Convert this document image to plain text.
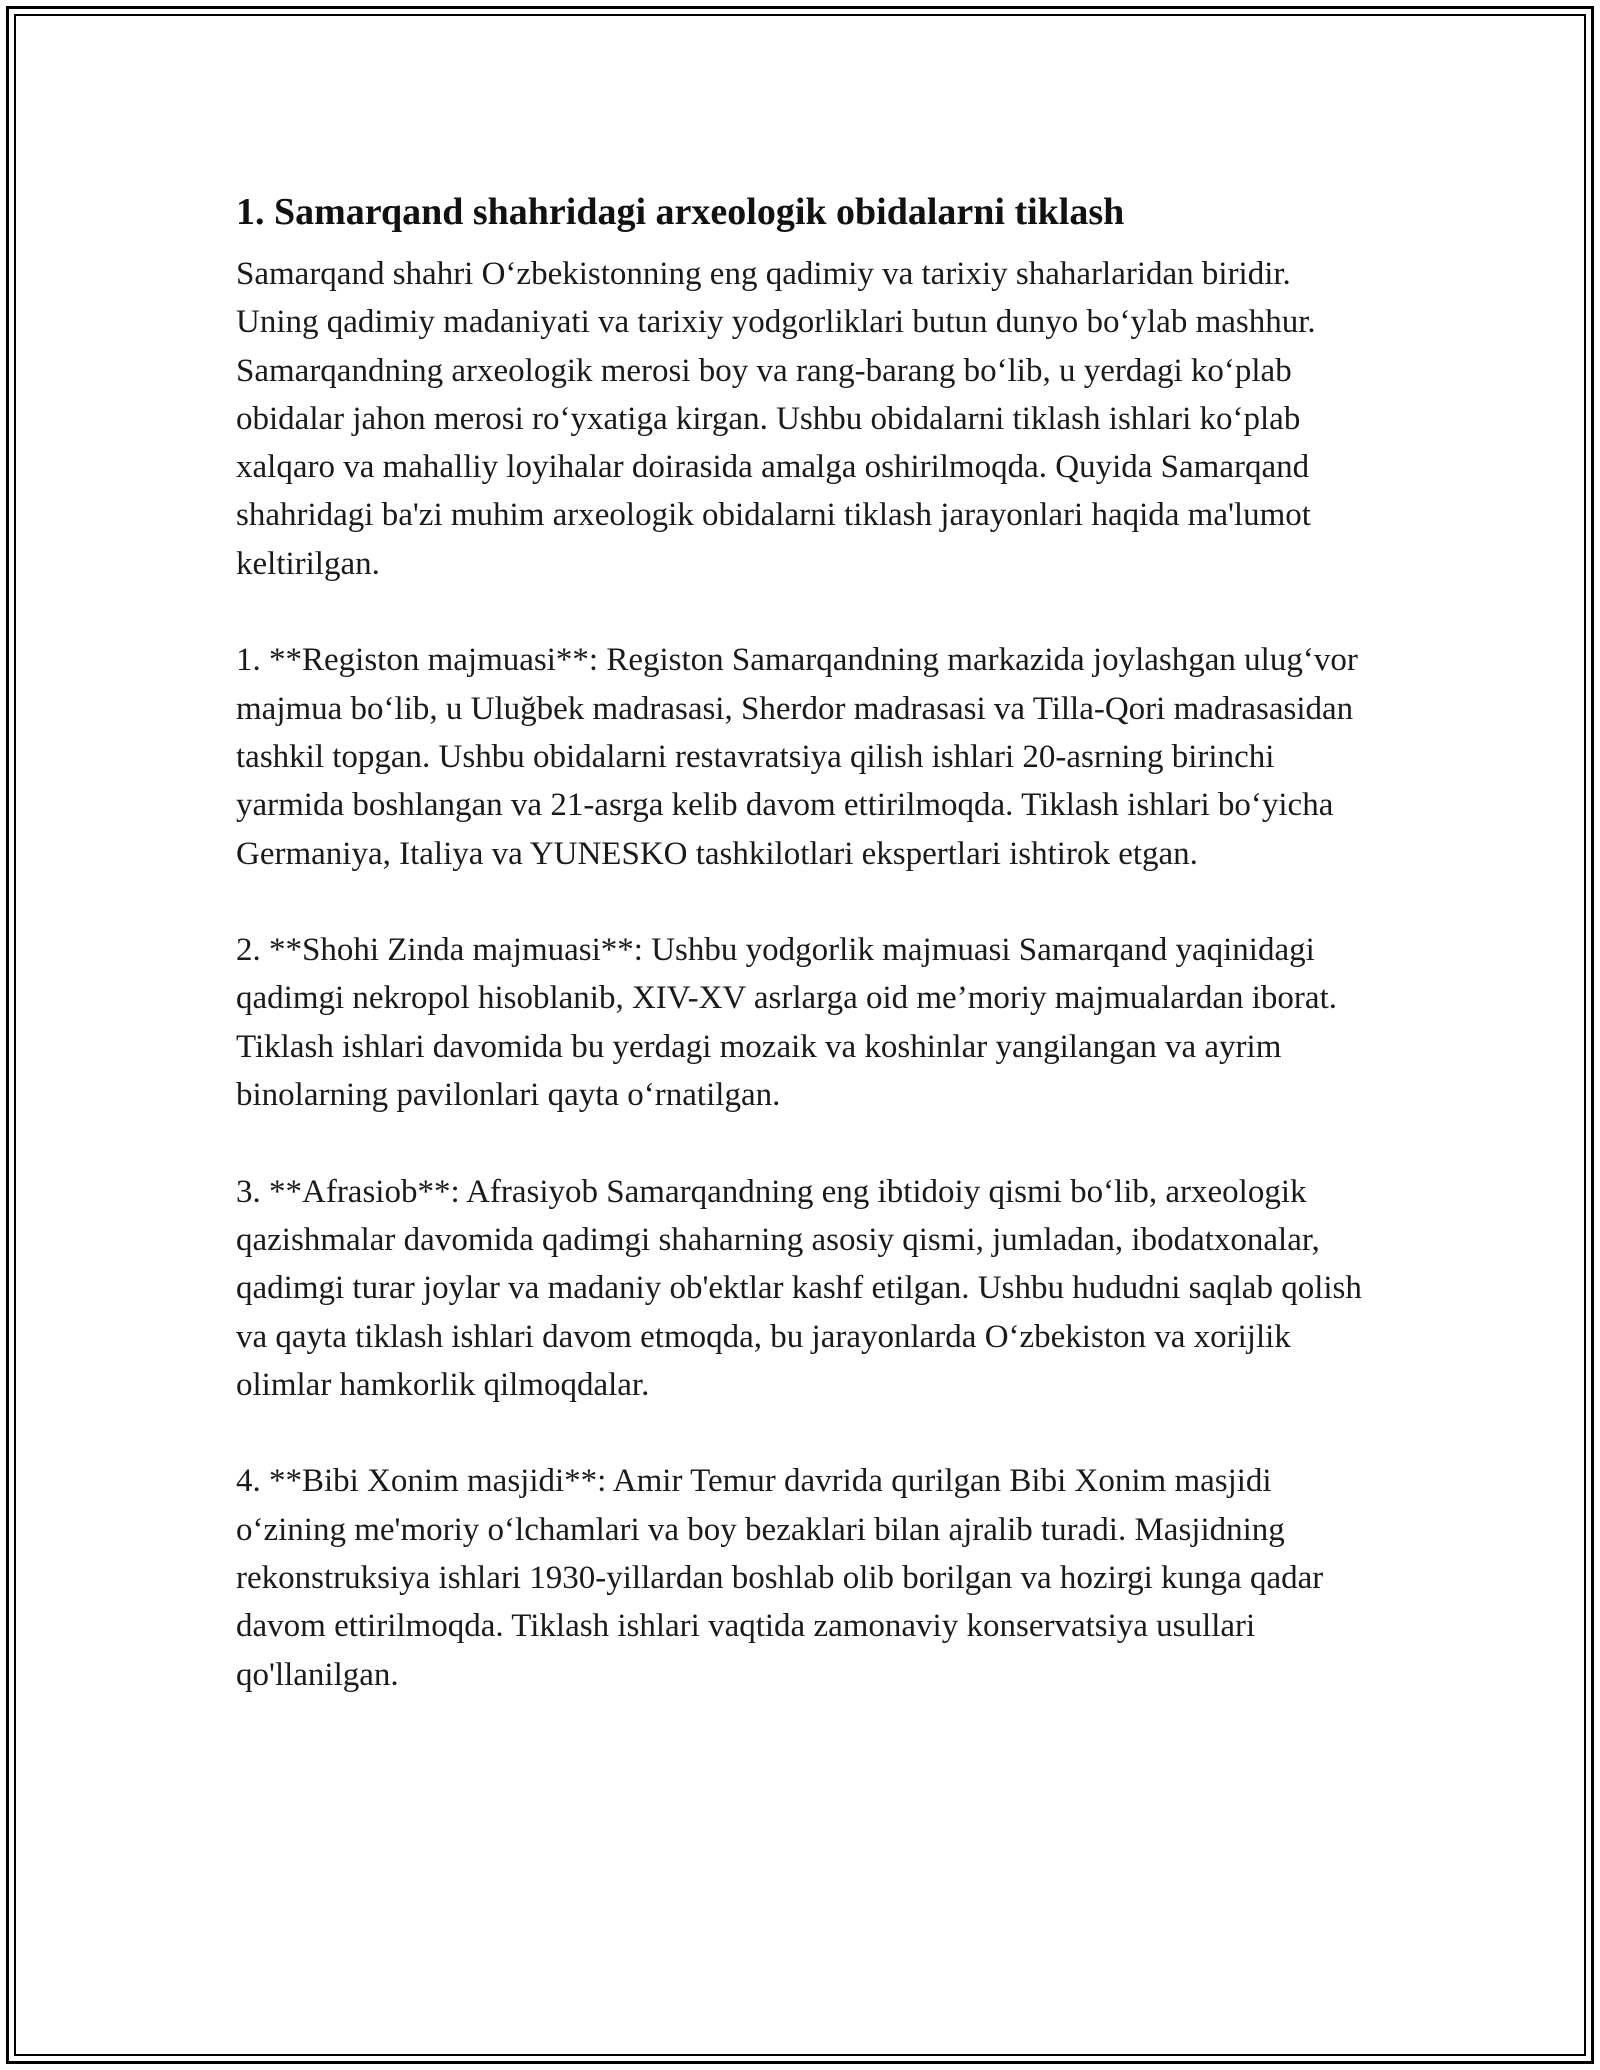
1. Samarqand shahridagi arxeologik obidalarni tiklash

Samarqand shahri O‘zbekistonning eng qadimiy va tarixiy shaharlaridan biridir. Uning qadimiy madaniyati va tarixiy yodgorliklari butun dunyo bo‘ylab mashhur. Samarqandning arxeologik merosi boy va rang-barang bo‘lib, u yerdagi ko‘plab obidalar jahon merosi ro‘yxatiga kirgan. Ushbu obidalarni tiklash ishlari ko‘plab xalqaro va mahalliy loyihalar doirasida amalga oshirilmoqda. Quyida Samarqand shahridagi ba'zi muhim arxeologik obidalarni tiklash jarayonlari haqida ma'lumot keltirilgan.

1. **Registon majmuasi**: Registon Samarqandning markazida joylashgan ulug‘vor majmua bo‘lib, u Uluğbek madrasasi, Sherdor madrasasi va Tilla-Qori madrasasidan tashkil topgan. Ushbu obidalarni restavratsiya qilish ishlari 20-asrning birinchi yarmida boshlangan va 21-asrga kelib davom ettirilmoqda. Tiklash ishlari bo‘yicha Germaniya, Italiya va YUNESKO tashkilotlari ekspertlari ishtirok etgan.

2. **Shohi Zinda majmuasi**: Ushbu yodgorlik majmuasi Samarqand yaqinidagi qadimgi nekropol hisoblanib, XIV-XV asrlarga oid me’moriy majmualardan iborat. Tiklash ishlari davomida bu yerdagi mozaik va koshinlar yangilangan va ayrim binolarning pavilonlari qayta o‘rnatilgan.

3. **Afrasiob**: Afrasiyob Samarqandning eng ibtidoiy qismi bo‘lib, arxeologik qazishmalar davomida qadimgi shaharning asosiy qismi, jumladan, ibodatxonalar, qadimgi turar joylar va madaniy ob'ektlar kashf etilgan. Ushbu hududni saqlab qolish va qayta tiklash ishlari davom etmoqda, bu jarayonlarda O‘zbekiston va xorijlik olimlar hamkorlik qilmoqdalar.

4. **Bibi Xonim masjidi**: Amir Temur davrida qurilgan Bibi Xonim masjidi o‘zining me'moriy o‘lchamlari va boy bezaklari bilan ajralib turadi. Masjidning rekonstruksiya ishlari 1930-yillardan boshlab olib borilgan va hozirgi kunga qadar davom ettirilmoqda. Tiklash ishlari vaqtida zamonaviy konservatsiya usullari qo'llanilgan.
